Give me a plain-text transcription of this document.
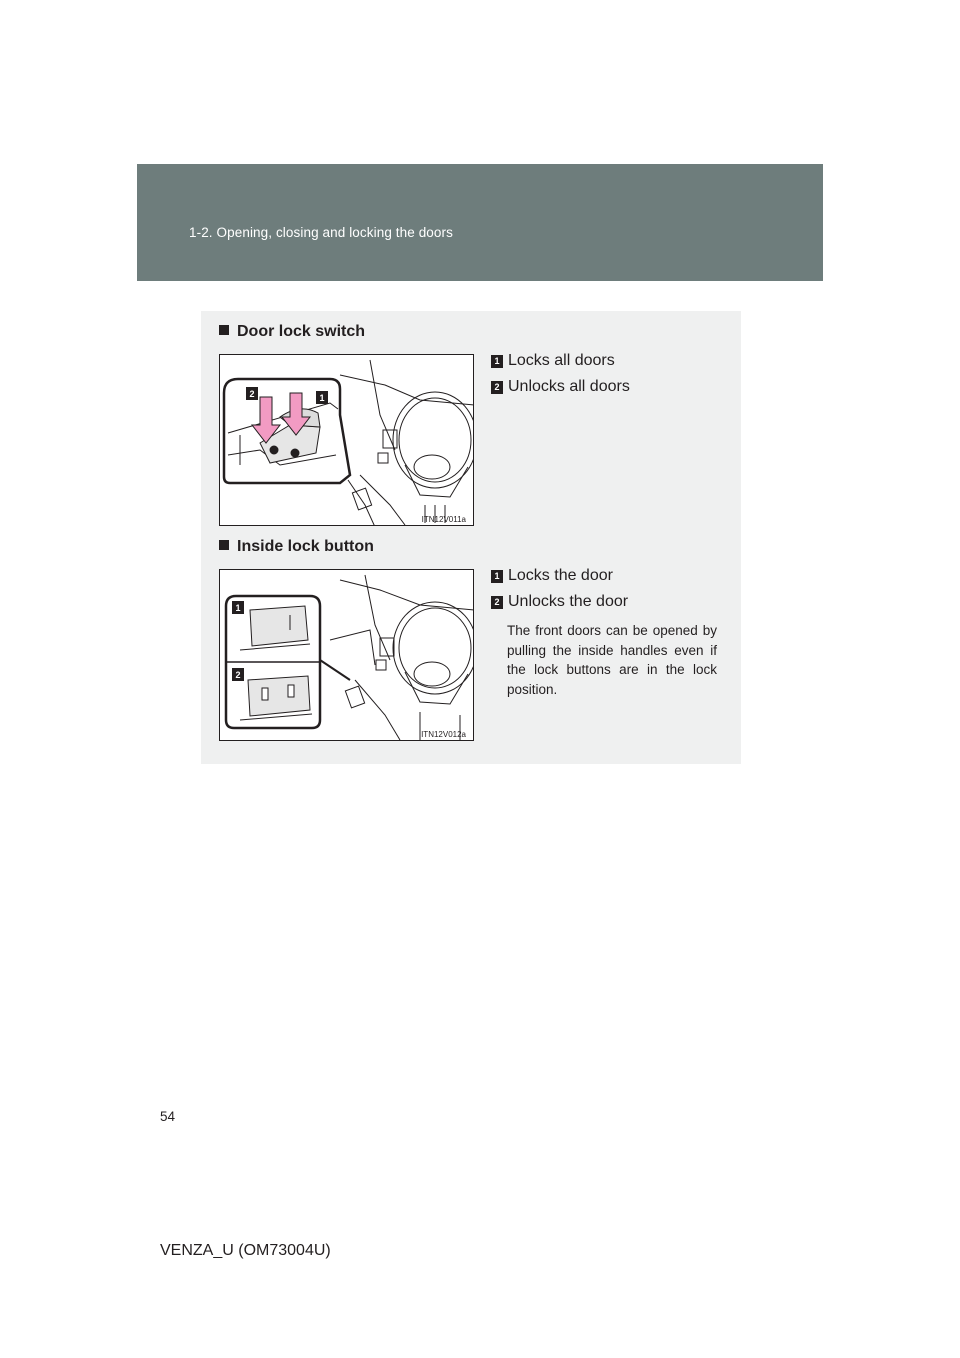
1-2. Opening, closing and locking the doors
Door lock switch
2	1
ITN12V011a
1 Locks all doors
2 Unlocks all doors
Inside lock button
1
2
ITN12V012a
1 Locks the door
2 Unlocks the door
The front doors can be opened by pulling the inside handles even if the lock buttons are in the lock position.
54
VENZA_U (OM73004U)
